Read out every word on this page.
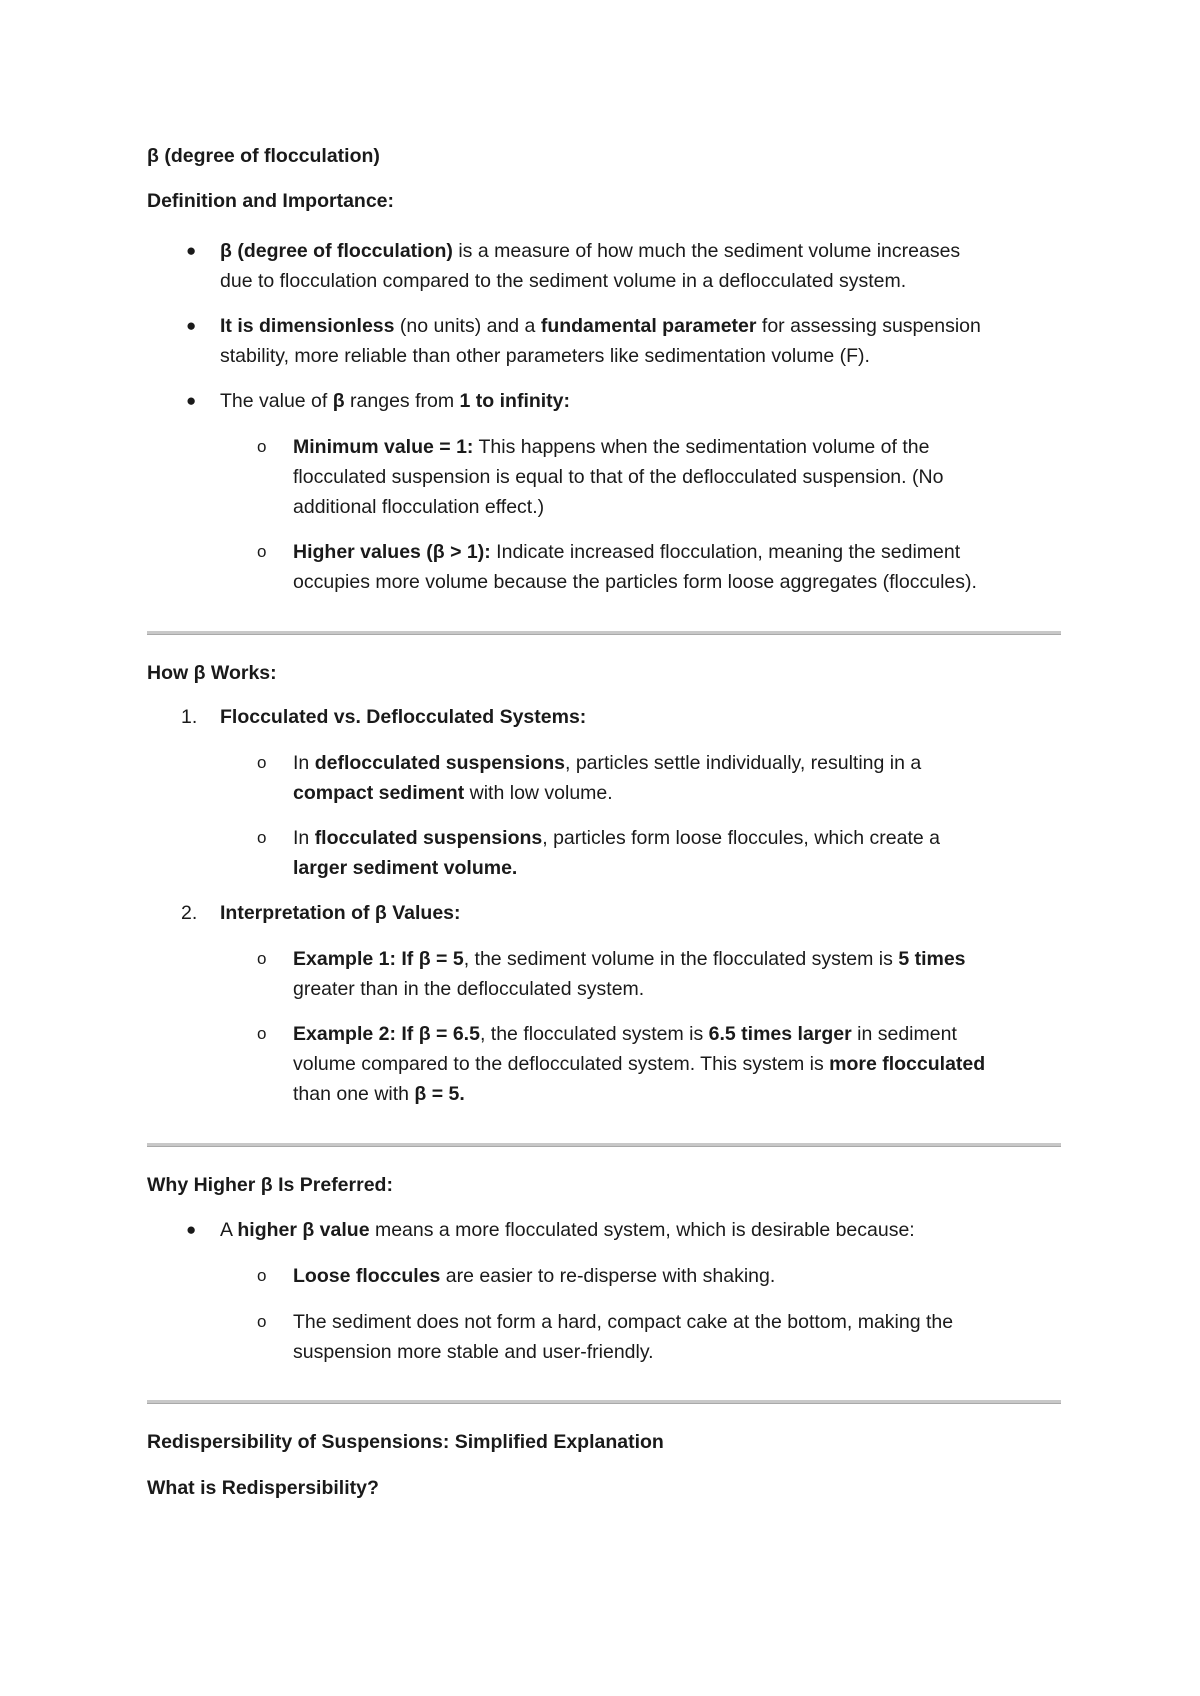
β (degree of flocculation)
Definition and Importance:
● β (degree of flocculation) is a measure of how much the sediment volume increases
due to flocculation compared to the sediment volume in a deflocculated system.
● It is dimensionless (no units) and a fundamental parameter for assessing suspension
stability, more reliable than other parameters like sedimentation volume (F).
● The value of β ranges from 1 to infinity:
o Minimum value = 1: This happens when the sedimentation volume of the
flocculated suspension is equal to that of the deflocculated suspension. (No
additional flocculation effect.)
o Higher values (β > 1): Indicate increased flocculation, meaning the sediment
occupies more volume because the particles form loose aggregates (floccules).
How β Works:
1. Flocculated vs. Deflocculated Systems:
o In deflocculated suspensions, particles settle individually, resulting in a
compact sediment with low volume.
o In flocculated suspensions, particles form loose floccules, which create a
larger sediment volume.
2. Interpretation of β Values:
o Example 1: If β = 5, the sediment volume in the flocculated system is 5 times
greater than in the deflocculated system.
o Example 2: If β = 6.5, the flocculated system is 6.5 times larger in sediment
volume compared to the deflocculated system. This system is more flocculated
than one with β = 5.
Why Higher β Is Preferred:
● A higher β value means a more flocculated system, which is desirable because:
o Loose floccules are easier to re-disperse with shaking.
o The sediment does not form a hard, compact cake at the bottom, making the
suspension more stable and user-friendly.
Redispersibility of Suspensions: Simplified Explanation
What is Redispersibility?
